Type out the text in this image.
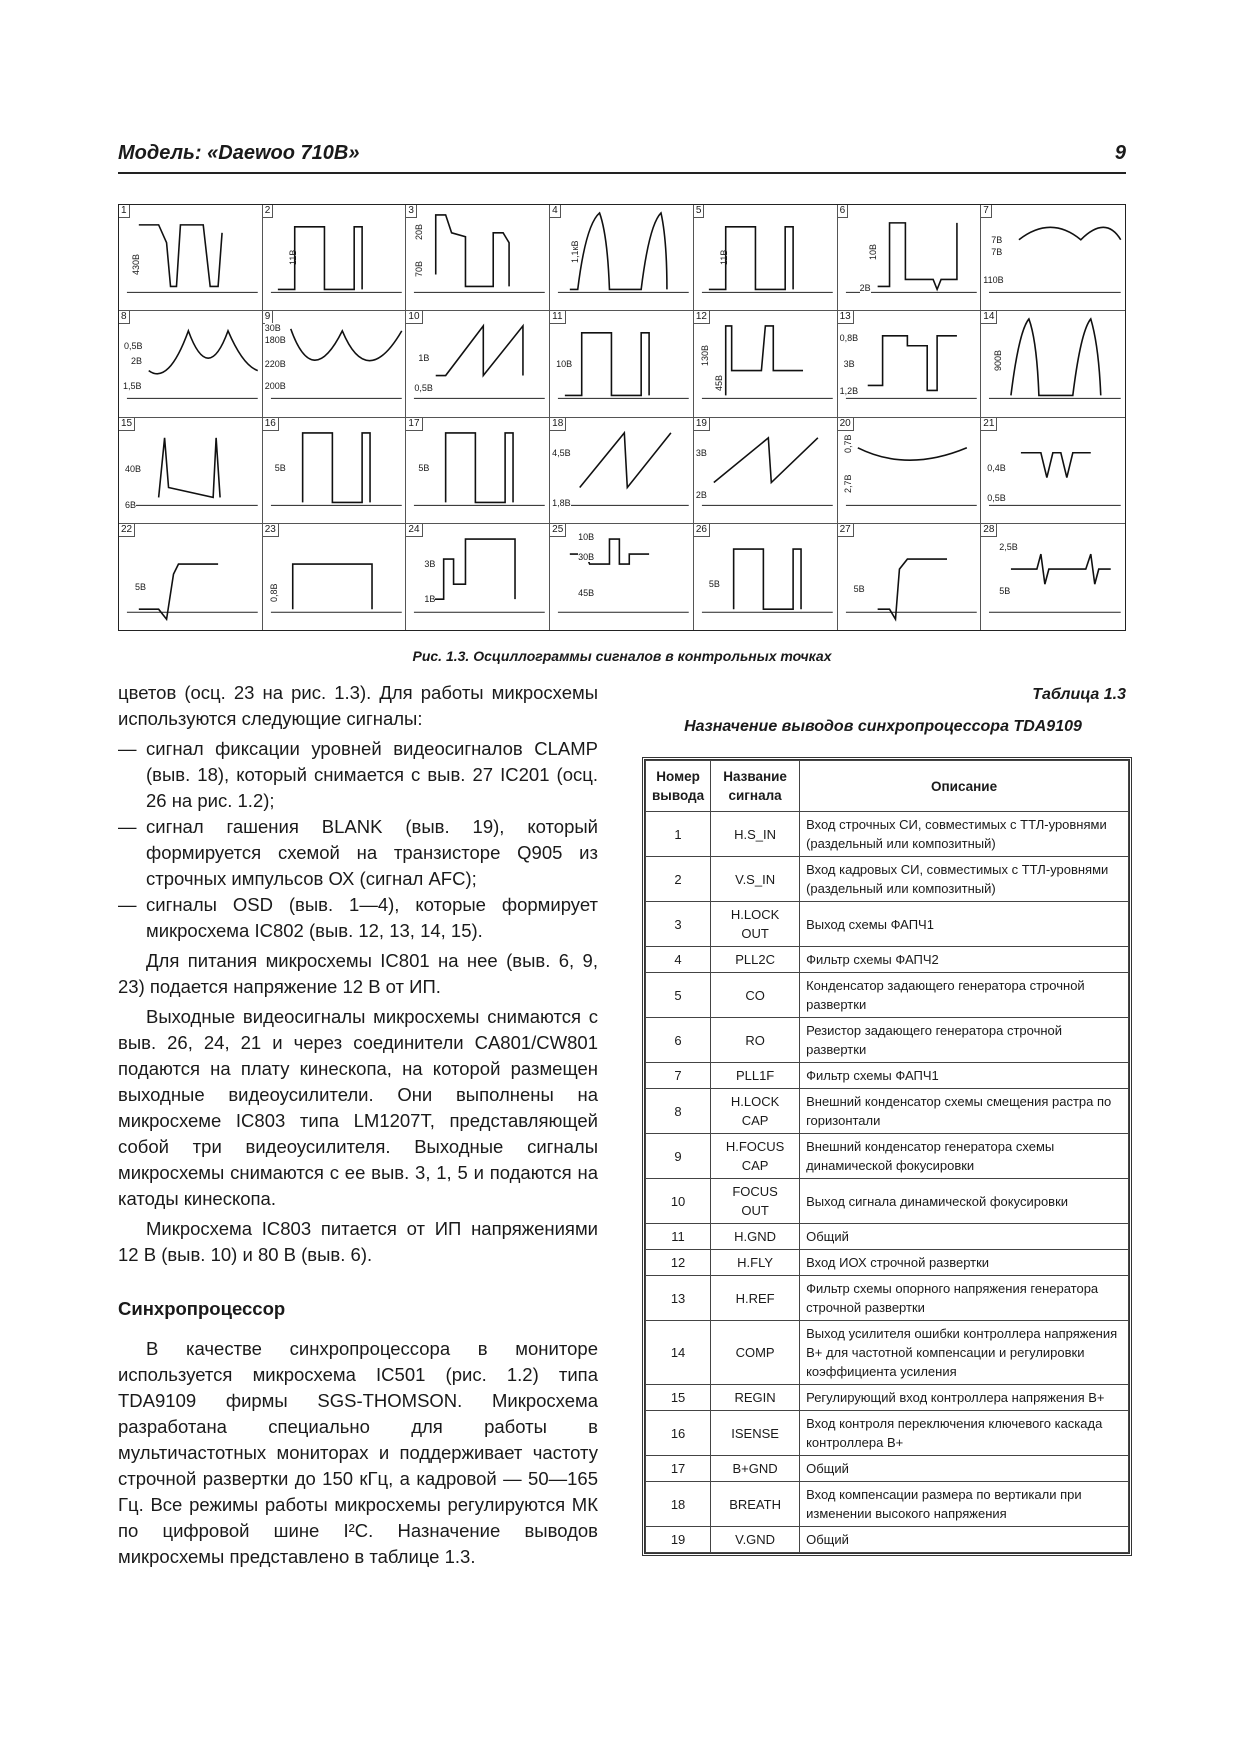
Модель: «Daewoo 710B»	9
1
430В
2
11В
3
20В
70В
4
1,1кВ
5
11В
6
10В
2В
7
7В
7В
110В
8
0,5В
2В
1,5В
9
30В
180В
220В
200В
10
1В
0,5В
11
10В
12
130В
45В
13
0,8В
3В
1,2В
14
900В
15
40В
6В
16
5В
17
5В
18
4,5В
1,8В
19
3В
2В
20
0,7В
2,7В
21
0,4В
0,5В
22
5В
23
0,8В
24
3В
1В
25
10В
30В
45В
26
5В
27
5В
28
2,5В
5В
Рис. 1.3. Осциллограммы сигналов в контрольных точках

цветов (осц. 23 на рис. 1.3). Для работы микросхемы используются следующие сигналы:

— сигнал фиксации уровней видеосигналов CLAMP (выв. 18), который снимается с выв. 27 IC201 (осц. 26 на рис. 1.2);
— сигнал гашения BLANK (выв. 19), который формируется схемой на транзисторе Q905 из строчных импульсов ОХ (сигнал AFC);
— сигналы OSD (выв. 1—4), которые формирует микросхема IC802 (выв. 12, 13, 14, 15).

Для питания микросхемы IC801 на нее (выв. 6, 9, 23) подается напряжение 12 В от ИП.

Выходные видеосигналы микросхемы снимаются с выв. 26, 24, 21 и через соединители CA801/CW801 подаются на плату кинескопа, на которой размещен выходные видеоусилители. Они выполнены на микросхеме IC803 типа LM1207T, представляющей собой три видеоусилителя. Выходные сигналы микросхемы снимаются с ее выв. 3, 1, 5 и подаются на катоды кинескопа.

Микросхема IC803 питается от ИП напряжениями 12 В (выв. 10) и 80 В (выв. 6).

Синхропроцессор

В качестве синхропроцессора в мониторе используется микросхема IC501 (рис. 1.2) типа TDA9109 фирмы SGS-THOMSON. Микросхема разработана специально для работы в мультичастотных мониторах и поддерживает частоту строчной развертки до 150 кГц, а кадровой — 50—165 Гц. Все режимы работы микросхемы регулируются МК по цифровой шине I²C. Назначение выводов микросхемы представлено в таблице 1.3.

Таблица 1.3
Назначение выводов синхропроцессора TDA9109
Номер вывода	Название сигнала	Описание
1	H.S_IN	Вход строчных СИ, совместимых с ТТЛ-уровнями (раздельный или композитный)
2	V.S_IN	Вход кадровых СИ, совместимых с ТТЛ-уровнями (раздельный или композитный)
3	H.LOCK OUT	Выход схемы ФАПЧ1
4	PLL2C	Фильтр схемы ФАПЧ2
5	CO	Конденсатор задающего генератора строчной развертки
6	RO	Резистор задающего генератора строчной развертки
7	PLL1F	Фильтр схемы ФАПЧ1
8	H.LOCK CAP	Внешний конденсатор схемы смещения растра по горизонтали
9	H.FOCUS CAP	Внешний конденсатор генератора схемы динамической фокусировки
10	FOCUS OUT	Выход сигнала динамической фокусировки
11	H.GND	Общий
12	H.FLY	Вход ИОХ строчной развертки
13	H.REF	Фильтр схемы опорного напряжения генератора строчной развертки
14	COMP	Выход усилителя ошибки контроллера напряжения B+ для частотной компенсации и регулировки коэффициента усиления
15	REGIN	Регулирующий вход контроллера напряжения B+
16	ISENSE	Вход контроля переключения ключевого каскада контроллера B+
17	B+GND	Общий
18	BREATH	Вход компенсации размера по вертикали при изменении высокого напряжения
19	V.GND	Общий
